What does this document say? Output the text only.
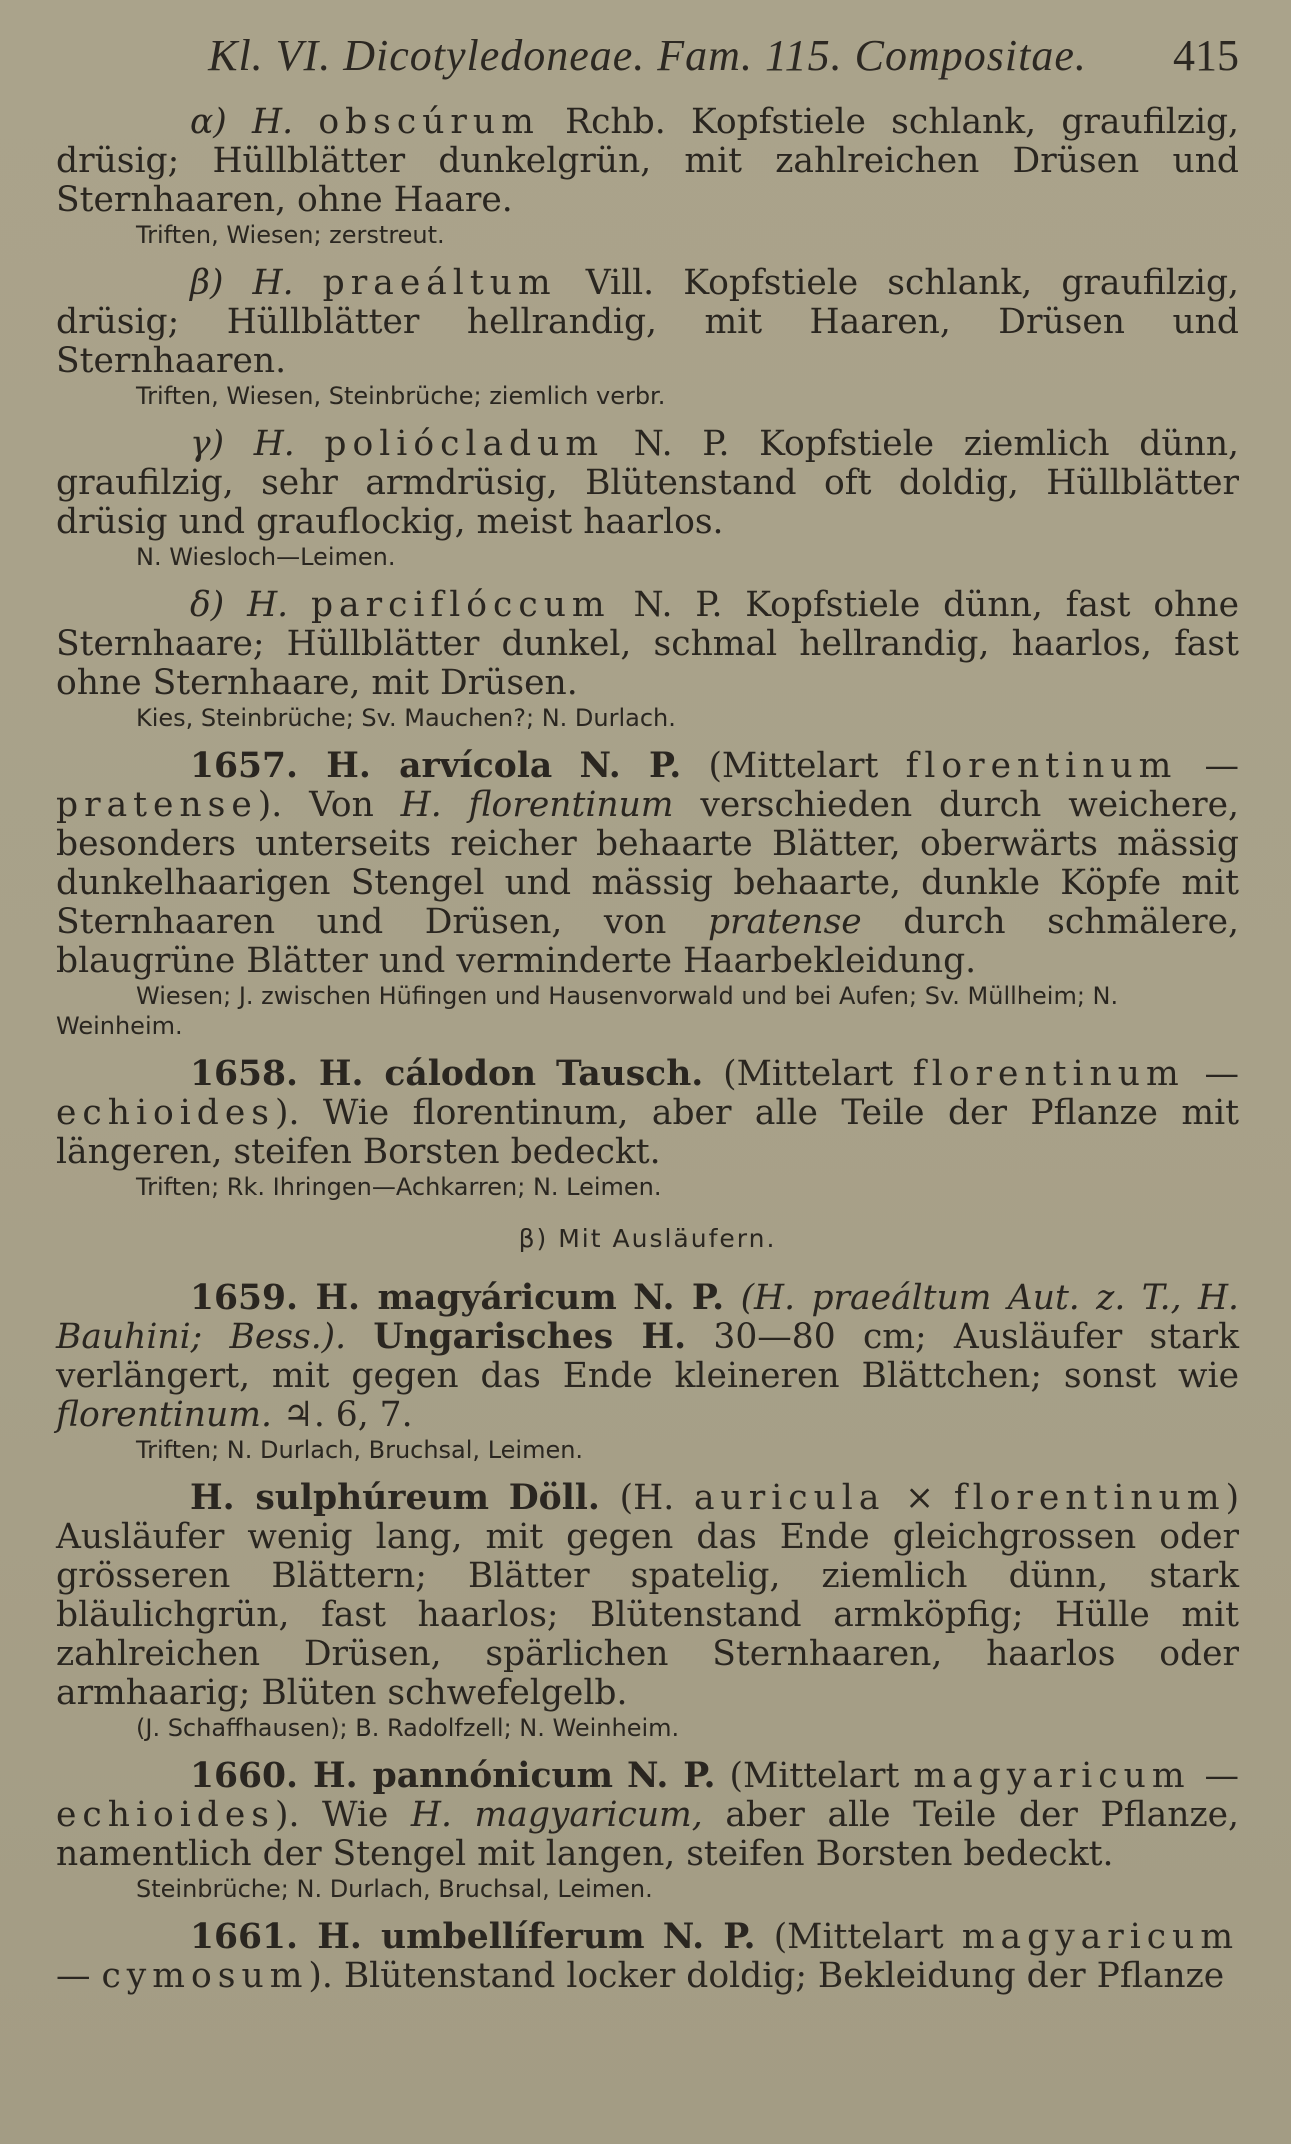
Kl. VI. Dicotyledoneae. Fam. 115. Compositae. 415

α) H. obscúrum Rchb. Kopfstiele schlank, graufilzig, drüsig; Hüllblätter dunkelgrün, mit zahlreichen Drüsen und Sternhaaren, ohne Haare.

Triften, Wiesen; zerstreut.

β) H. praeáltum Vill. Kopfstiele schlank, graufilzig, drüsig; Hüllblätter hellrandig, mit Haaren, Drüsen und Sternhaaren.

Triften, Wiesen, Steinbrüche; ziemlich verbr.

γ) H. poliócladum N. P. Kopfstiele ziemlich dünn, graufilzig, sehr armdrüsig, Blütenstand oft doldig, Hüllblätter drüsig und grauflockig, meist haarlos.

N. Wiesloch—Leimen.

δ) H. parciflóccum N. P. Kopfstiele dünn, fast ohne Sternhaare; Hüllblätter dunkel, schmal hellrandig, haarlos, fast ohne Sternhaare, mit Drüsen.

Kies, Steinbrüche; Sv. Mauchen?; N. Durlach.

1657. H. arvícola N. P. (Mittelart florentinum — pratense). Von H. florentinum verschieden durch weichere, besonders unterseits reicher behaarte Blätter, oberwärts mässig dunkelhaarigen Stengel und mässig behaarte, dunkle Köpfe mit Sternhaaren und Drüsen, von pratense durch schmälere, blaugrüne Blätter und verminderte Haarbekleidung.

Wiesen; J. zwischen Hüfingen und Hausenvorwald und bei Aufen; Sv. Müllheim; N. Weinheim.

1658. H. cálodon Tausch. (Mittelart florentinum — echioides). Wie florentinum, aber alle Teile der Pflanze mit längeren, steifen Borsten bedeckt.

Triften; Rk. Ihringen—Achkarren; N. Leimen.
β) Mit Ausläufern.

1659. H. magyáricum N. P. (H. praeáltum Aut. z. T., H. Bauhini; Bess.). Ungarisches H. 30—80 cm; Ausläufer stark verlängert, mit gegen das Ende kleineren Blättchen; sonst wie florentinum. ♃. 6, 7.

Triften; N. Durlach, Bruchsal, Leimen.

H. sulphúreum Döll. (H. auricula × florentinum) Ausläufer wenig lang, mit gegen das Ende gleichgrossen oder grösseren Blättern; Blätter spatelig, ziemlich dünn, stark bläulichgrün, fast haarlos; Blütenstand armköpfig; Hülle mit zahlreichen Drüsen, spärlichen Sternhaaren, haarlos oder armhaarig; Blüten schwefelgelb.

(J. Schaffhausen); B. Radolfzell; N. Weinheim.

1660. H. pannónicum N. P. (Mittelart magyaricum — echioides). Wie H. magyaricum, aber alle Teile der Pflanze, namentlich der Stengel mit langen, steifen Borsten bedeckt.

Steinbrüche; N. Durlach, Bruchsal, Leimen.

1661. H. umbellíferum N. P. (Mittelart magyaricum — cymosum). Blütenstand locker doldig; Bekleidung der Pflanze
